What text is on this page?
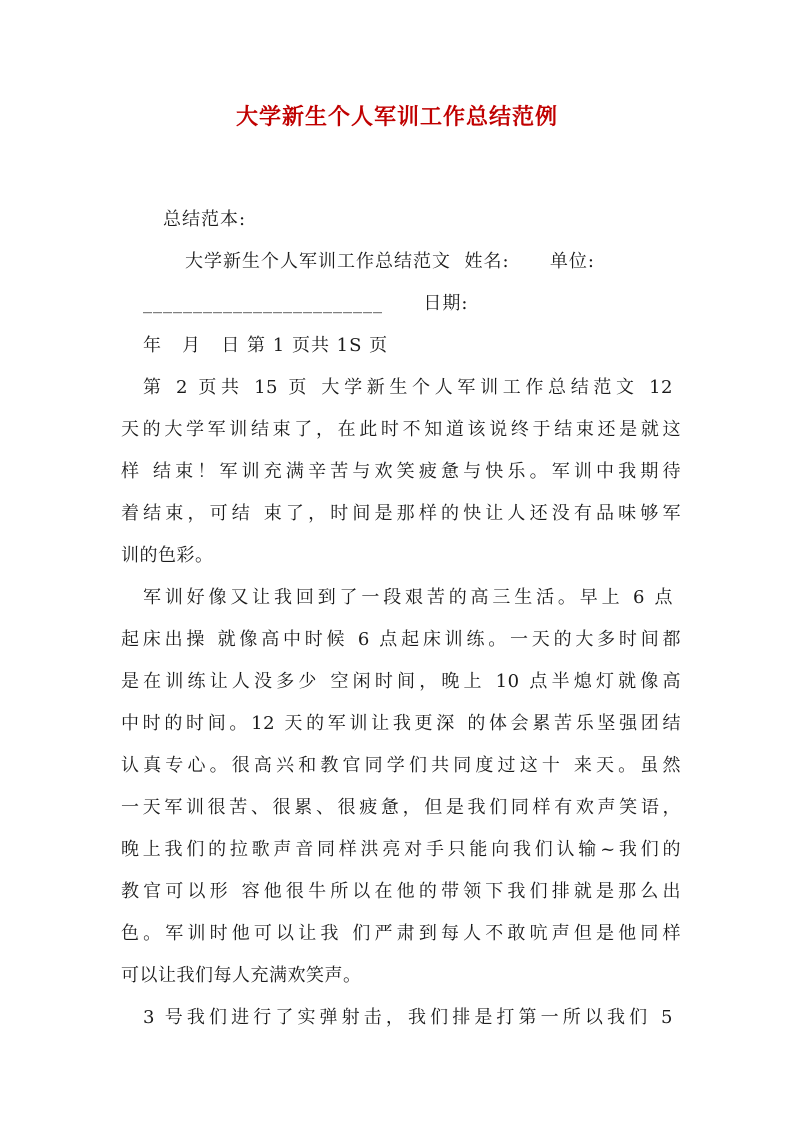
大学新生个人军训工作总结范例
总结范本:
大学新生个人军训工作总结范文  姓名:      单位:
________________________      日期:
年   月   日 第 1 页共 1S 页
第 2 页共 15 页 大学新生个人军训工作总结范文 12
天的大学军训结束了，在此时不知道该说终于结束还是就这
样 结束！军训充满辛苦与欢笑疲惫与快乐。军训中我期待
着结束，可结 束了，时间是那样的快让人还没有品味够军
训的色彩。
军训好像又让我回到了一段艰苦的高三生活。早上 6 点
起床出操 就像高中时候 6 点起床训练。一天的大多时间都
是在训练让人没多少 空闲时间，晚上 10 点半熄灯就像高
中时的时间。12 天的军训让我更深 的体会累苦乐坚强团结
认真专心。很高兴和教官同学们共同度过这十 来天。虽然
一天军训很苦、很累、很疲惫，但是我们同样有欢声笑语，
晚上我们的拉歌声音同样洪亮对手只能向我们认输~我们的
教官可以形 容他很牛所以在他的带领下我们排就是那么出
色。军训时他可以让我 们严肃到每人不敢吭声但是他同样
可以让我们每人充满欢笑声。
3 号我们进行了实弹射击，我们排是打第一所以我们 5
